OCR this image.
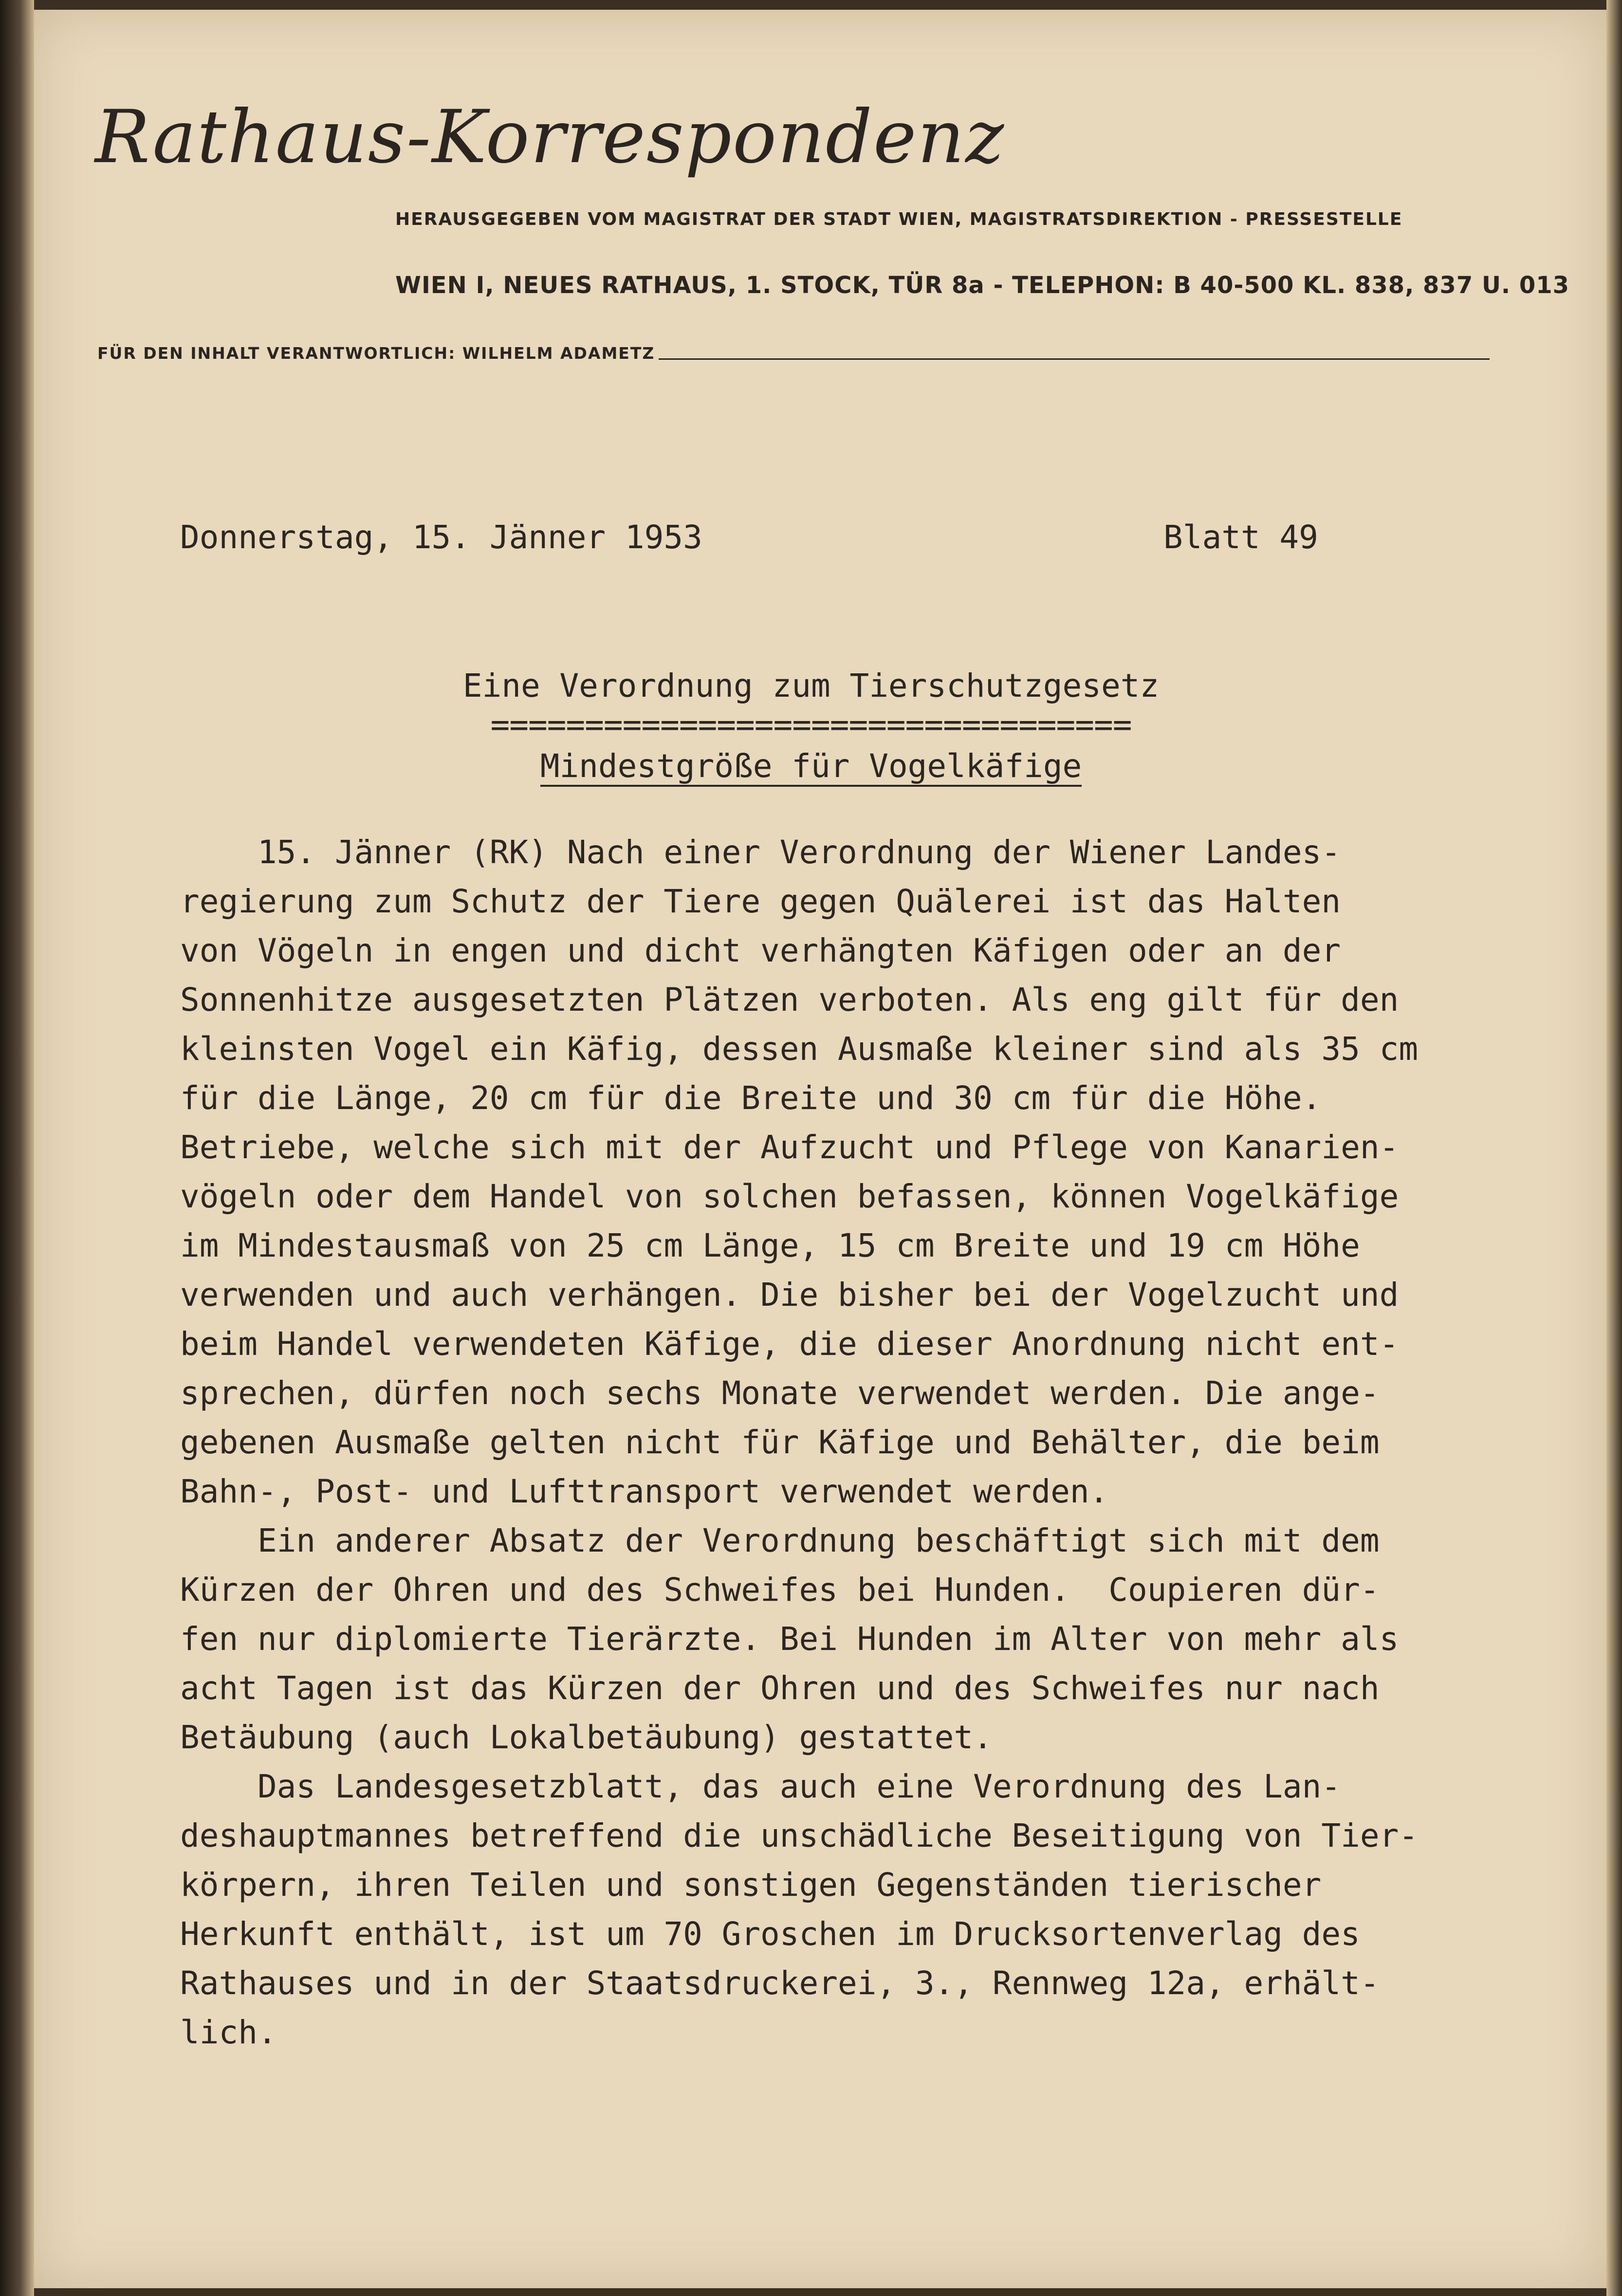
Rathaus-Korrespondenz
HERAUSGEGEBEN VOM MAGISTRAT DER STADT WIEN, MAGISTRATSDIREKTION - PRESSESTELLE
WIEN I, NEUES RATHAUS, 1. STOCK, TÜR 8a - TELEPHON: B 40-500 KL. 838, 837 U. 013
FÜR DEN INHALT VERANTWORTLICH: WILHELM ADAMETZ
Donnerstag, 15. Jänner 1953	Blatt 49
Eine Verordnung zum Tierschutzgesetz
==================================
Mindestgröße für Vogelkäfige
15. Jänner (RK) Nach einer Verordnung der Wiener Landes-
regierung zum Schutz der Tiere gegen Quälerei ist das Halten
von Vögeln in engen und dicht verhängten Käfigen oder an der
Sonnenhitze ausgesetzten Plätzen verboten. Als eng gilt für den
kleinsten Vogel ein Käfig, dessen Ausmaße kleiner sind als 35 cm
für die Länge, 20 cm für die Breite und 30 cm für die Höhe.
Betriebe, welche sich mit der Aufzucht und Pflege von Kanarien-
vögeln oder dem Handel von solchen befassen, können Vogelkäfige
im Mindestausmaß von 25 cm Länge, 15 cm Breite und 19 cm Höhe
verwenden und auch verhängen. Die bisher bei der Vogelzucht und
beim Handel verwendeten Käfige, die dieser Anordnung nicht ent-
sprechen, dürfen noch sechs Monate verwendet werden. Die ange-
gebenen Ausmaße gelten nicht für Käfige und Behälter, die beim
Bahn-, Post- und Lufttransport verwendet werden.
Ein anderer Absatz der Verordnung beschäftigt sich mit dem
Kürzen der Ohren und des Schweifes bei Hunden.  Coupieren dür-
fen nur diplomierte Tierärzte. Bei Hunden im Alter von mehr als
acht Tagen ist das Kürzen der Ohren und des Schweifes nur nach
Betäubung (auch Lokalbetäubung) gestattet.
Das Landesgesetzblatt, das auch eine Verordnung des Lan-
deshauptmannes betreffend die unschädliche Beseitigung von Tier-
körpern, ihren Teilen und sonstigen Gegenständen tierischer
Herkunft enthält, ist um 70 Groschen im Drucksortenverlag des
Rathauses und in der Staatsdruckerei, 3., Rennweg 12a, erhält-
lich.
